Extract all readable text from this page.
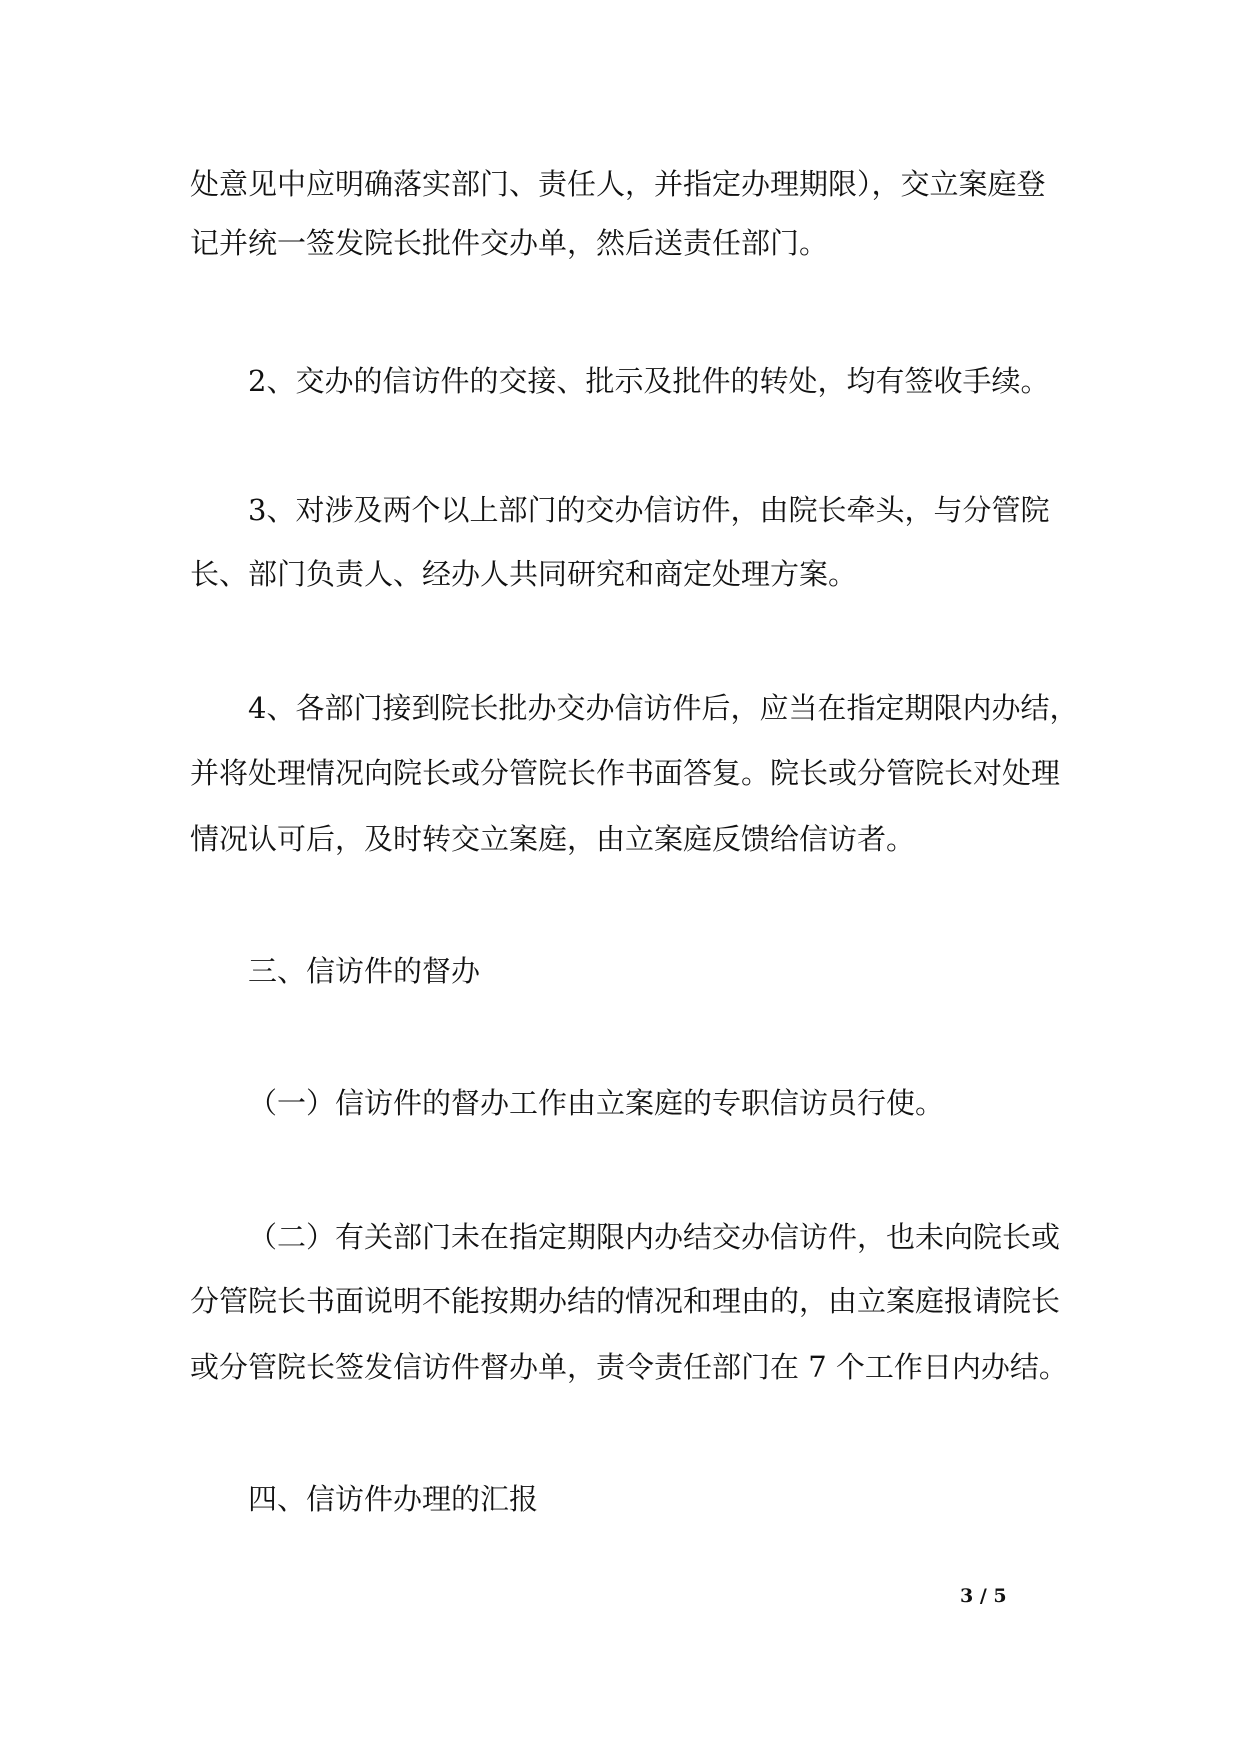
处意见中应明确落实部门、责任人，并指定办理期限），交立案庭登
记并统一签发院长批件交办单，然后送责任部门。
2、交办的信访件的交接、批示及批件的转处，均有签收手续。
3、对涉及两个以上部门的交办信访件，由院长牵头，与分管院
长、部门负责人、经办人共同研究和商定处理方案。
4、各部门接到院长批办交办信访件后，应当在指定期限内办结，
并将处理情况向院长或分管院长作书面答复。院长或分管院长对处理
情况认可后，及时转交立案庭，由立案庭反馈给信访者。
三、信访件的督办
（一）信访件的督办工作由立案庭的专职信访员行使。
（二）有关部门未在指定期限内办结交办信访件，也未向院长或
分管院长书面说明不能按期办结的情况和理由的，由立案庭报请院长
或分管院长签发信访件督办单，责令责任部门在 7 个工作日内办结。
四、信访件办理的汇报
3 / 5
